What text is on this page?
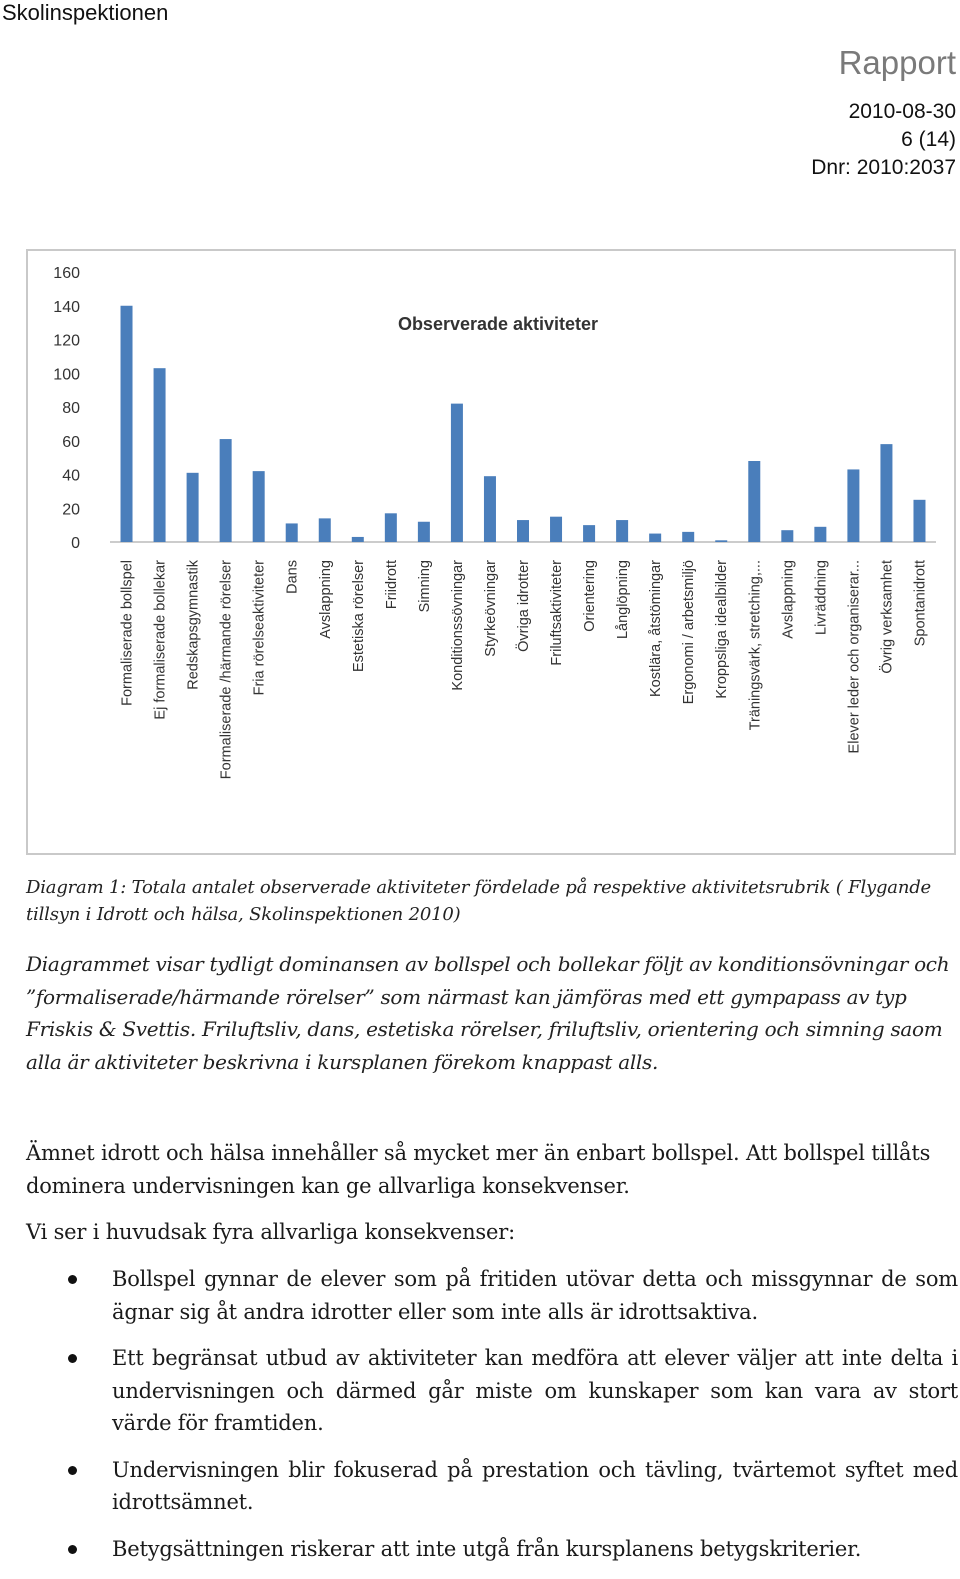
Skolinspektionen
Rapport
2010-08-30
6 (14)
Dnr: 2010:2037
0
20
40
60
80
100
120
140
160
Observerade aktiviteter
Formaliserade bollspel Ej formaliserade bollekar Redskapsgymnastik Formaliserade /härmande rörelser Fria rörelseaktiviteter Dans Avslappning Estetiska rörelser Friidrott Simning Konditionssövningar Styrkeövningar Övriga idrotter Friluftsaktiviteter Orientering Långlöpning Kostlära, åtstömingar Ergonomi / arbetsmiljö Kroppsliga idealbilder Träningsvärk, stretching,... Avslappning Livräddning Elever leder och organiserar... Övrig verksamhet Spontanidrott
Diagram 1: Totala antalet observerade aktiviteter fördelade på respektive aktivitetsrubrik ( Flygande tillsyn i Idrott och hälsa, Skolinspektionen 2010)
Diagrammet visar tydligt dominansen av bollspel och bollekar följt av konditionsövningar och ”formaliserade/härmande rörelser” som närmast kan jämföras med ett gympapass av typ Friskis & Svettis. Friluftsliv, dans, estetiska rörelser, friluftsliv, orientering och simning saom alla är aktiviteter beskrivna i kursplanen förekom knappast alls.
Ämnet idrott och hälsa innehåller så mycket mer än enbart bollspel. Att bollspel tillåts dominera undervisningen kan ge allvarliga konsekvenser.
Vi ser i huvudsak fyra allvarliga konsekvenser:
Bollspel gynnar de elever som på fritiden utövar detta och missgynnar de som ägnar sig åt andra idrotter eller som inte alls är idrottsaktiva.
Ett begränsat utbud av aktiviteter kan medföra att elever väljer att inte delta i undervisningen och därmed går miste om kunskaper som kan vara av stort värde för framtiden.
Undervisningen blir fokuserad på prestation och tävling, tvärtemot syftet med idrottsämnet.
Betygsättningen riskerar att inte utgå från kursplanens betygskriterier.
